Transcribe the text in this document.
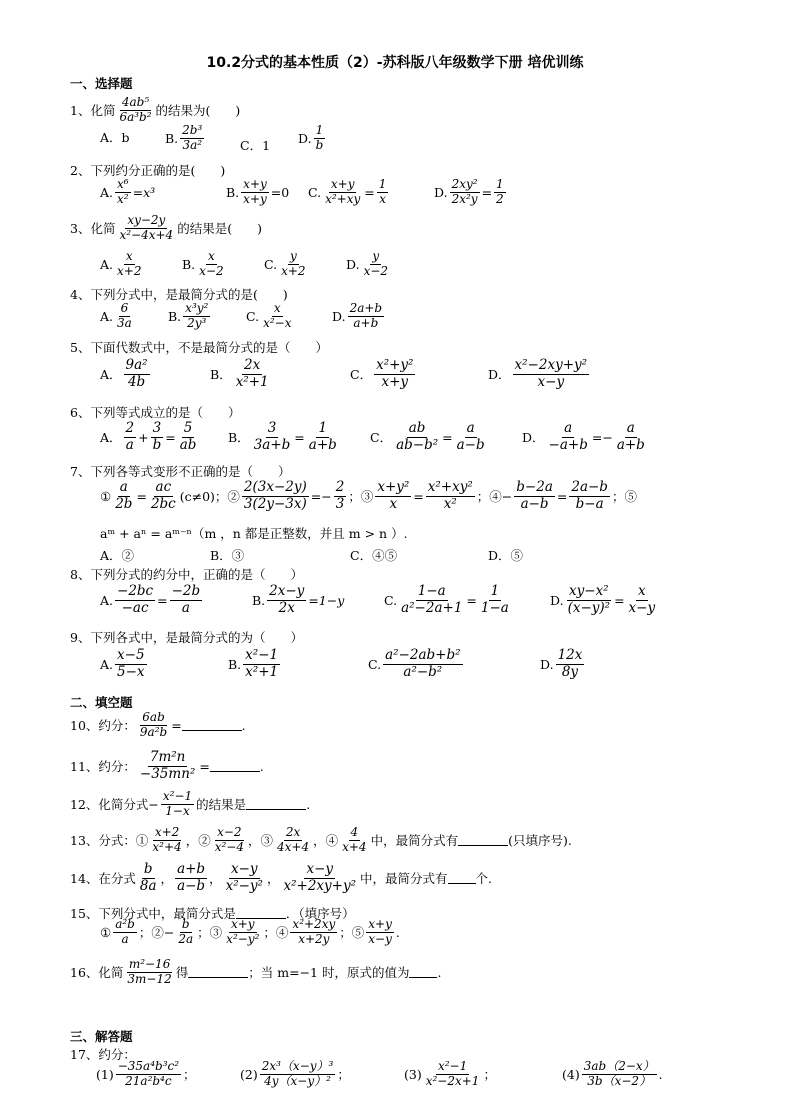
10.2分式的基本性质（2）-苏科版八年级数学下册 培优训练
一、选择题
1、化简 $\frac{\text{4ab⁵}}{\text{6a³b²}}$ 的结果为(　　)
A．b	B. $\frac{\text{2b³}}{\text{3a²}}$	C．1 D. $\frac{1}{b}$
2、下列约分正确的是(　　)
A. $\frac{\text{x⁶}}{\text{x²}} =x^3$	B. $\frac{x+y}{x+y} =0$ C. $\frac{x+y}{\text{x²+xy}} = \frac{1}{x}$	D. $\frac{\text{2xy²}}{\text{2x²y}} = \frac{1}{2}$
3、化简 $\frac{xy-2y}{\text{x²−4x+4}}$ 的结果是(　　)
A. $\frac{x}{x+2}$	B. $\frac{x}{x-2}$	C. $\frac{y}{x+2}$	D. $\frac{y}{x-2}$
4、下列分式中，是最简分式的是(　　)
A. $\frac{6}{3a}$	B. $\frac{\text{x³y²}}{\text{2y³}}$	C. $\frac{x}{\text{x²−x}}$	D. $\frac{2a+b}{a+b}$
5、下面代数式中，不是最简分式的是（　　）
A． $\frac{\text{9a²}}{4b}$	B． $\frac{2x}{\text{x²+1}}$	C． $\frac{\text{x²+y²}}{x+y}$	D． $\frac{\text{x²−2xy+y²}}{x-y}$
6、下列等式成立的是（　　）
A． $\frac{2}{a} + \frac{3}{b} = \frac{5}{ab}$ B． $\frac{3}{3a+b} = \frac{1}{a+b}$ C． $\frac{ab}{\text{ab−b²}} = \frac{a}{a-b}$	D． $\frac{a}{-a+b} =- \frac{a}{a+b}$
7、下列各等式变形不正确的是（　　）
① $\frac{a}{2b} = \frac{ac}{2bc} (c\ne 0)$；② $\frac{2(3x-2y)}{3(2y-3x)} =- \frac{2}{3}$ ；③ $\frac{\text{x+y²}}{x} = \frac{\text{x²+xy²}}{\text{x²}}$ ；④− $\frac{b-2a}{a-b} = \frac{2a-b}{b-a}$ ；⑤
aᵐ + aⁿ = aᵐ⁻ⁿ（m ，n 都是正整数，并且 m > n ）.
A．②	B．③	C．④⑤	D．⑤
8、下列分式的约分中，正确的是（　　）
A. $\frac{-2bc}{-ac} = \frac{-2b}{a}$	B. $\frac{2x-y}{2x} =1-y$	C. $\frac{1-a}{\text{a²−2a+1}} = \frac{1}{1-a}$	D. $\frac{\text{xy−x²}}{\text{(x−y)²}} = \frac{x}{x-y}$
9、下列各式中，是最简分式的为（　　）
A. $\frac{x-5}{5-x}$	B. $\frac{\text{x²−1}}{\text{x²+1}}$	C. $\frac{\text{a²−2ab+b²}}{\text{a²−b²}}$	D. $\frac{12x}{8y}$
二、填空题
10、约分： $\frac{6ab}{\text{9a²b}}$ =	.
11、约分： $\frac{\text{7m²n}}{\text{−35mn²}}$ =	.
12、化简分式− $\frac{\text{x²−1}}{1-x}$ 的结果是	.
13、分式：① $\frac{x+2}{\text{x²+4}}$ ，② $\frac{x-2}{\text{x²−4}}$ ，③ $\frac{2x}{4x+4}$ ，④ $\frac{4}{x+4}$ 中，最简分式有	(只填序号).
14、在分式 $\frac{b}{8a}$ ， $\frac{a+b}{a-b}$ ， $\frac{x-y}{\text{x²−y²}}$ ， $\frac{x-y}{\text{x²+2xy+y²}}$ 中，最简分式有 个.
15、下列分式中，最简分式是	．（填序号）
① $\frac{\text{a²b}}{a}$ ；②− $\frac{b}{2a}$ ；③ $\frac{x+y}{\text{x²−y²}}$ ；④ $\frac{\text{x²+2xy}}{x+2y}$ ；⑤ $\frac{x+y}{x-y}$ .
16、化简 $\frac{\text{m²−16}}{3m-12}$ 得	；当 m=−1 时，原式的值为 .
三、解答题
17、约分：
$(1) \frac{\text{−35a⁴b³c²}}{\text{21a²b⁴c}}$ ；	$(2) \frac{\text{2x³（x−y）³}}{\text{4y（x−y）²}}$ ；	$(3) \frac{\text{x²−1}}{\text{x²−2x+1}}$ ；	$(4) \frac{3ab(2-x)}{3b(x-2)}$ .
